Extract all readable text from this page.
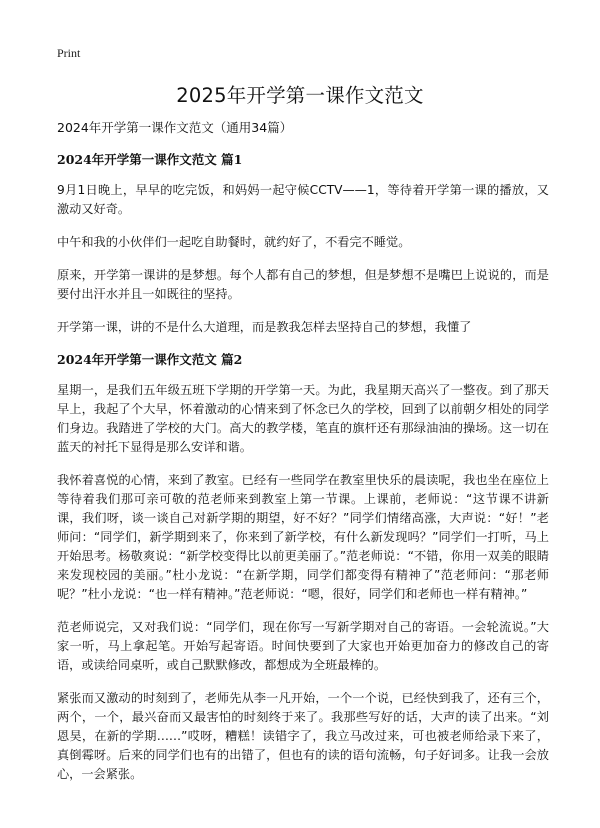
Print
2025年开学第一课作文范文

2024年开学第一课作文范文（通用34篇）

2024年开学第一课作文范文 篇1

9月1日晚上，早早的吃完饭，和妈妈一起守候CCTV——1，等待着开学第一课的播放，又激动又好奇。

中午和我的小伙伴们一起吃自助餐时，就约好了，不看完不睡觉。

原来，开学第一课讲的是梦想。每个人都有自己的梦想，但是梦想不是嘴巴上说说的，而是要付出汗水并且一如既往的坚持。

开学第一课，讲的不是什么大道理，而是教我怎样去坚持自己的梦想，我懂了

2024年开学第一课作文范文 篇2

星期一，是我们五年级五班下学期的开学第一天。为此，我星期天高兴了一整夜。到了那天早上，我起了个大早，怀着激动的心情来到了怀念已久的学校，回到了以前朝夕相处的同学们身边。我踏进了学校的大门。高大的教学楼，笔直的旗杆还有那绿油油的操场。这一切在蓝天的衬托下显得是那么安详和谐。

我怀着喜悦的心情，来到了教室。已经有一些同学在教室里快乐的晨读呢，我也坐在座位上等待着我们那可亲可敬的范老师来到教室上第一节课。上课前，老师说：“这节课不讲新课，我们呀，谈一谈自己对新学期的期望，好不好？”同学们情绪高涨，大声说：“好！”老师问：“同学们，新学期到来了，你来到了新学校，有什么新发现吗？”同学们一打听，马上开始思考。杨敬爽说：“新学校变得比以前更美丽了。”范老师说：“不错，你用一双美的眼睛来发现校园的美丽。”杜小龙说：“在新学期，同学们都变得有精神了”范老师问：“那老师呢？”杜小龙说：“也一样有精神。”范老师说：“嗯，很好，同学们和老师也一样有精神。”

范老师说完，又对我们说：“同学们，现在你写一写新学期对自己的寄语。一会轮流说。”大家一听，马上拿起笔。开始写起寄语。时间快要到了大家也开始更加奋力的修改自己的寄语，或读给同桌听，或自己默默修改，都想成为全班最棒的。

紧张而又激动的时刻到了，老师先从李一凡开始，一个一个说，已经快到我了，还有三个，两个，一个，最兴奋而又最害怕的时刻终于来了。我那些写好的话，大声的读了出来。“刘恩昊，在新的学期……”哎呀，糟糕！读错字了，我立马改过来，可也被老师给录下来了，真倒霉呀。后来的同学们也有的出错了，但也有的读的语句流畅，句子好词多。让我一会放心，一会紧张。
